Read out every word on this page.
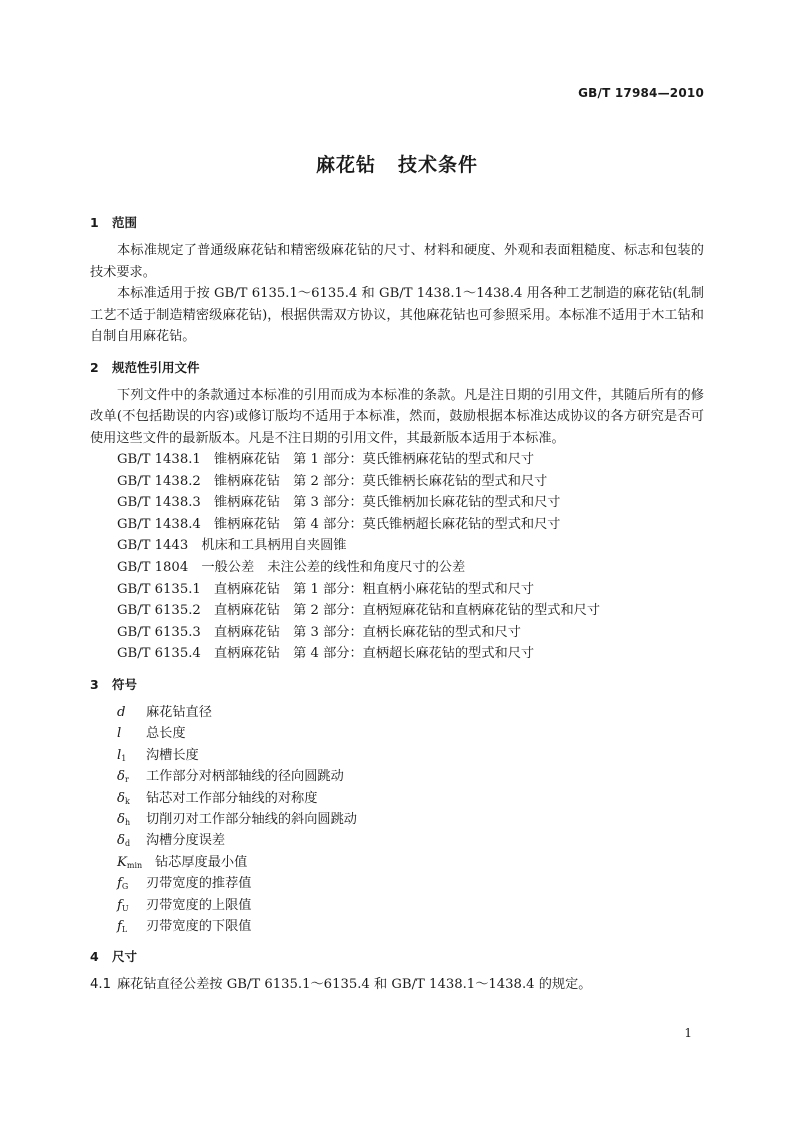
GB/T 17984—2010
麻花钻 技术条件
1 范围

本标准规定了普通级麻花钻和精密级麻花钻的尺寸、材料和硬度、外观和表面粗糙度、标志和包装的技术要求。

本标准适用于按 GB/T 6135.1～6135.4 和 GB/T 1438.1～1438.4 用各种工艺制造的麻花钻(轧制工艺不适于制造精密级麻花钻)，根据供需双方协议，其他麻花钻也可参照采用。本标准不适用于木工钻和自制自用麻花钻。

2 规范性引用文件

下列文件中的条款通过本标准的引用而成为本标准的条款。凡是注日期的引用文件，其随后所有的修改单(不包括勘误的内容)或修订版均不适用于本标准，然而，鼓励根据本标准达成协议的各方研究是否可使用这些文件的最新版本。凡是不注日期的引用文件，其最新版本适用于本标准。

GB/T 1438.1　锥柄麻花钻　第 1 部分：莫氏锥柄麻花钻的型式和尺寸
GB/T 1438.2　锥柄麻花钻　第 2 部分：莫氏锥柄长麻花钻的型式和尺寸
GB/T 1438.3　锥柄麻花钻　第 3 部分：莫氏锥柄加长麻花钻的型式和尺寸
GB/T 1438.4　锥柄麻花钻　第 4 部分：莫氏锥柄超长麻花钻的型式和尺寸
GB/T 1443　机床和工具柄用自夹圆锥
GB/T 1804　一般公差　未注公差的线性和角度尺寸的公差
GB/T 6135.1　直柄麻花钻　第 1 部分：粗直柄小麻花钻的型式和尺寸
GB/T 6135.2　直柄麻花钻　第 2 部分：直柄短麻花钻和直柄麻花钻的型式和尺寸
GB/T 6135.3　直柄麻花钻　第 3 部分：直柄长麻花钻的型式和尺寸
GB/T 6135.4　直柄麻花钻　第 4 部分：直柄超长麻花钻的型式和尺寸
3 符号
d 麻花钻直径
l 总长度
$l_1$ 沟槽长度
$\delta_r$ 工作部分对柄部轴线的径向圆跳动
$\delta_k$ 钻芯对工作部分轴线的对称度
$\delta_h$ 切削刃对工作部分轴线的斜向圆跳动
$\delta_d$ 沟槽分度误差
$K_{min}$ 钻芯厚度最小值
$f_G$ 刃带宽度的推荐值
$f_U$ 刃带宽度的上限值
$f_L$ 刃带宽度的下限值
4 尺寸

4.1 麻花钻直径公差按 GB/T 6135.1～6135.4 和 GB/T 1438.1～1438.4 的规定。

1
